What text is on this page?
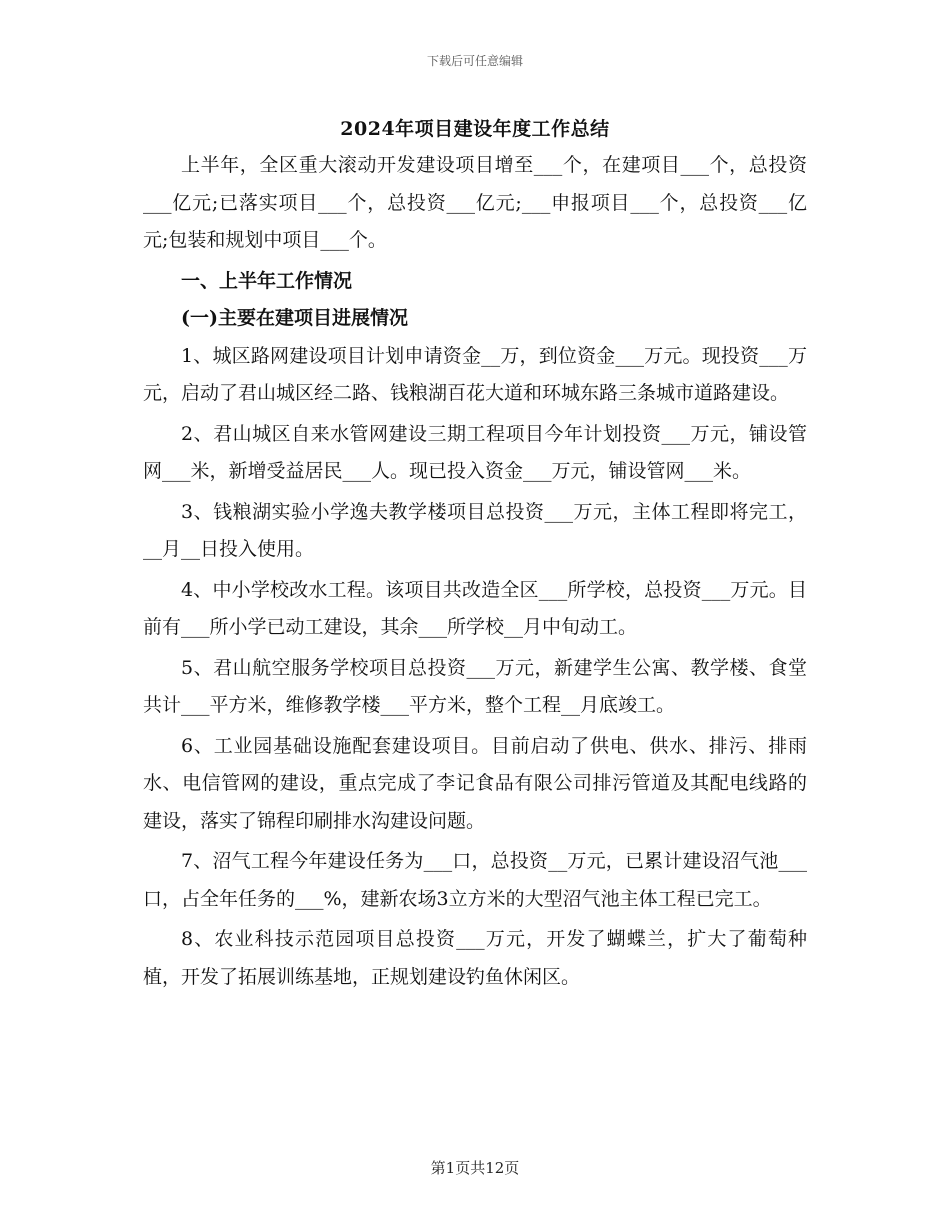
下载后可任意编辑
2024年项目建设年度工作总结

上半年，全区重大滚动开发建设项目增至___个，在建项目___个，总投资___亿元;已落实项目___个，总投资___亿元;___申报项目___个，总投资___亿元;包装和规划中项目___个。

一、上半年工作情况

(一)主要在建项目进展情况

1、城区路网建设项目计划申请资金__万，到位资金___万元。现投资___万元，启动了君山城区经二路、钱粮湖百花大道和环城东路三条城市道路建设。

2、君山城区自来水管网建设三期工程项目今年计划投资___万元，铺设管网___米，新增受益居民___人。现已投入资金___万元，铺设管网___米。

3、钱粮湖实验小学逸夫教学楼项目总投资___万元，主体工程即将完工，__月__日投入使用。

4、中小学校改水工程。该项目共改造全区___所学校，总投资___万元。目前有___所小学已动工建设，其余___所学校__月中旬动工。

5、君山航空服务学校项目总投资___万元，新建学生公寓、教学楼、食堂共计___平方米，维修教学楼___平方米，整个工程__月底竣工。

6、工业园基础设施配套建设项目。目前启动了供电、供水、排污、排雨水、电信管网的建设，重点完成了李记食品有限公司排污管道及其配电线路的建设，落实了锦程印刷排水沟建设问题。

7、沼气工程今年建设任务为___口，总投资__万元，已累计建设沼气池___口，占全年任务的___%，建新农场3立方米的大型沼气池主体工程已完工。

8、农业科技示范园项目总投资___万元，开发了蝴蝶兰，扩大了葡萄种植，开发了拓展训练基地，正规划建设钓鱼休闲区。

第1页共12页
